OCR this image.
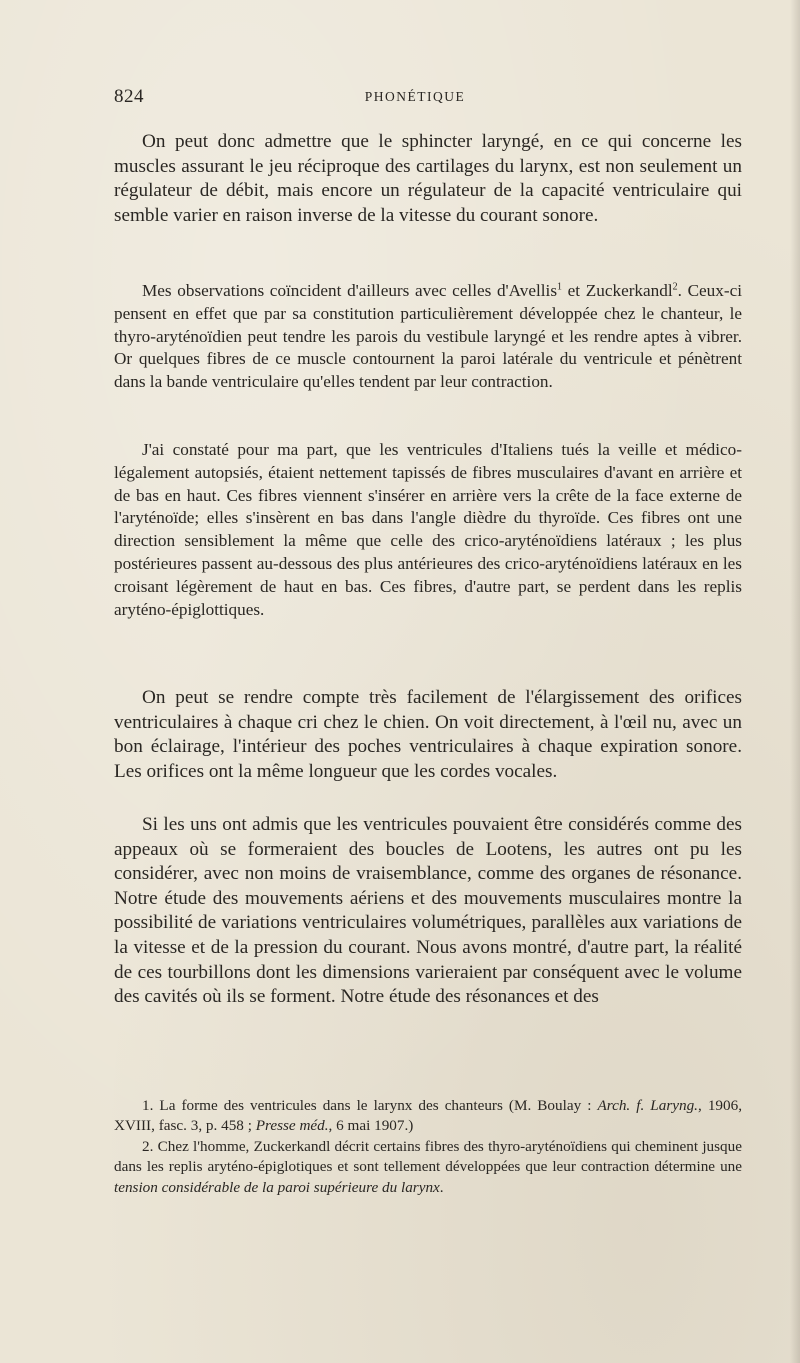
824	PHONÉTIQUE

On peut donc admettre que le sphincter laryngé, en ce qui concerne les muscles assurant le jeu réciproque des cartilages du larynx, est non seulement un régulateur de débit, mais encore un régulateur de la capacité ventriculaire qui semble varier en raison inverse de la vitesse du courant sonore.

Mes observations coïncident d'ailleurs avec celles d'Avellis$^1$ et Zuckerkandl$^2$. Ceux-ci pensent en effet que par sa constitution particulièrement développée chez le chanteur, le thyro-aryténoïdien peut tendre les parois du vestibule laryngé et les rendre aptes à vibrer. Or quelques fibres de ce muscle contournent la paroi latérale du ventricule et pénètrent dans la bande ventriculaire qu'elles tendent par leur contraction.

J'ai constaté pour ma part, que les ventricules d'Italiens tués la veille et médico-légalement autopsiés, étaient nettement tapissés de fibres musculaires d'avant en arrière et de bas en haut. Ces fibres viennent s'insérer en arrière vers la crête de la face externe de l'aryténoïde; elles s'insèrent en bas dans l'angle dièdre du thyroïde. Ces fibres ont une direction sensiblement la même que celle des crico-aryténoïdiens latéraux ; les plus postérieures passent au-dessous des plus antérieures des crico-aryténoïdiens latéraux en les croisant légèrement de haut en bas. Ces fibres, d'autre part, se perdent dans les replis aryténo-épiglottiques.

On peut se rendre compte très facilement de l'élargissement des orifices ventriculaires à chaque cri chez le chien. On voit directement, à l'œil nu, avec un bon éclairage, l'intérieur des poches ventriculaires à chaque expiration sonore. Les orifices ont la même longueur que les cordes vocales.

Si les uns ont admis que les ventricules pouvaient être considérés comme des appeaux où se formeraient des boucles de Lootens, les autres ont pu les considérer, avec non moins de vraisemblance, comme des organes de résonance. Notre étude des mouvements aériens et des mouvements musculaires montre la possibilité de variations ventriculaires volumétriques, parallèles aux variations de la vitesse et de la pression du courant. Nous avons montré, d'autre part, la réalité de ces tourbillons dont les dimensions varieraient par conséquent avec le volume des cavités où ils se forment. Notre étude des résonances et des

1. La forme des ventricules dans le larynx des chanteurs (M. Boulay : Arch. f. Laryng., 1906, XVIII, fasc. 3, p. 458 ; Presse méd., 6 mai 1907.)

2. Chez l'homme, Zuckerkandl décrit certains fibres des thyro-aryténoïdiens qui cheminent jusque dans les replis aryténo-épiglotiques et sont tellement développées que leur contraction détermine une tension considérable de la paroi supérieure du larynx.
